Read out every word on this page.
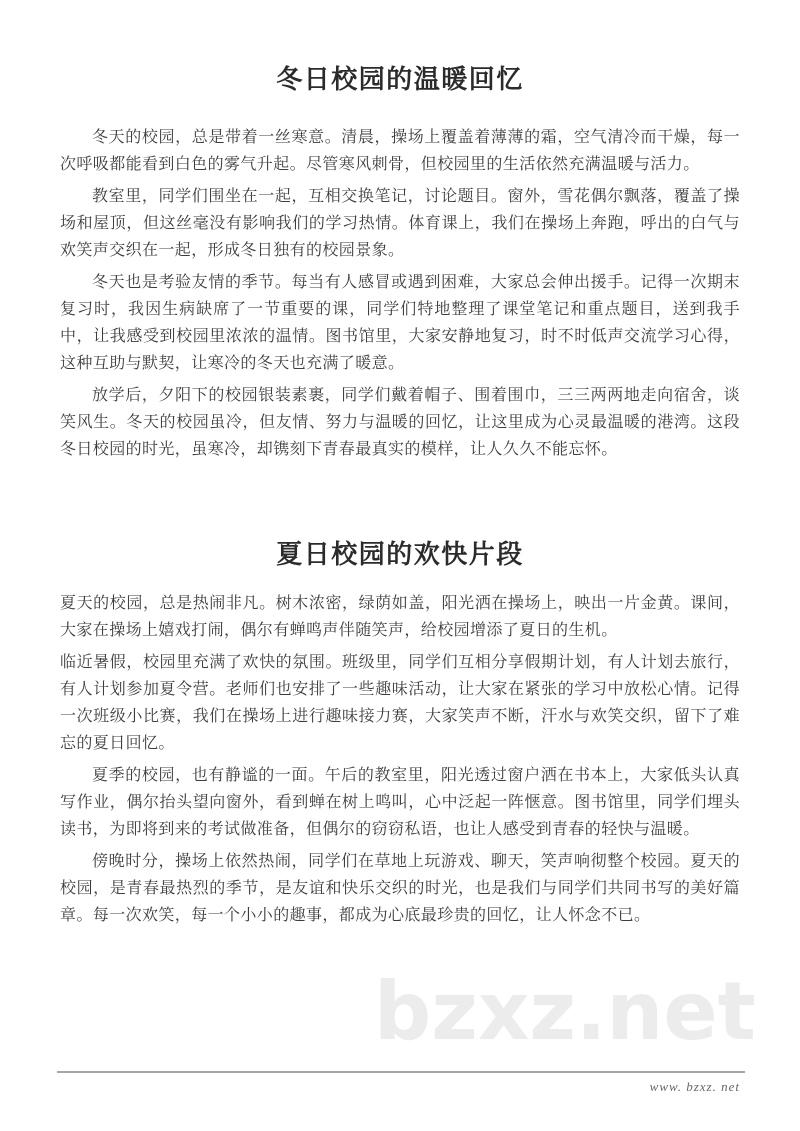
冬日校园的温暖回忆

冬天的校园，总是带着一丝寒意。清晨，操场上覆盖着薄薄的霜，空气清冷而干燥，每一次呼吸都能看到白色的雾气升起。尽管寒风刺骨，但校园里的生活依然充满温暖与活力。

教室里，同学们围坐在一起，互相交换笔记，讨论题目。窗外，雪花偶尔飘落，覆盖了操场和屋顶，但这丝毫没有影响我们的学习热情。体育课上，我们在操场上奔跑，呼出的白气与欢笑声交织在一起，形成冬日独有的校园景象。

冬天也是考验友情的季节。每当有人感冒或遇到困难，大家总会伸出援手。记得一次期末复习时，我因生病缺席了一节重要的课，同学们特地整理了课堂笔记和重点题目，送到我手中，让我感受到校园里浓浓的温情。图书馆里，大家安静地复习，时不时低声交流学习心得，这种互助与默契，让寒冷的冬天也充满了暖意。

放学后，夕阳下的校园银装素裹，同学们戴着帽子、围着围巾，三三两两地走向宿舍，谈笑风生。冬天的校园虽冷，但友情、努力与温暖的回忆，让这里成为心灵最温暖的港湾。这段冬日校园的时光，虽寒冷，却镌刻下青春最真实的模样，让人久久不能忘怀。

夏日校园的欢快片段

夏天的校园，总是热闹非凡。树木浓密，绿荫如盖，阳光洒在操场上，映出一片金黄。课间，大家在操场上嬉戏打闹，偶尔有蝉鸣声伴随笑声，给校园增添了夏日的生机。

临近暑假，校园里充满了欢快的氛围。班级里，同学们互相分享假期计划，有人计划去旅行，有人计划参加夏令营。老师们也安排了一些趣味活动，让大家在紧张的学习中放松心情。记得一次班级小比赛，我们在操场上进行趣味接力赛，大家笑声不断，汗水与欢笑交织，留下了难忘的夏日回忆。

夏季的校园，也有静谧的一面。午后的教室里，阳光透过窗户洒在书本上，大家低头认真写作业，偶尔抬头望向窗外，看到蝉在树上鸣叫，心中泛起一阵惬意。图书馆里，同学们埋头读书，为即将到来的考试做准备，但偶尔的窃窃私语，也让人感受到青春的轻快与温暖。

傍晚时分，操场上依然热闹，同学们在草地上玩游戏、聊天，笑声响彻整个校园。夏天的校园，是青春最热烈的季节，是友谊和快乐交织的时光，也是我们与同学们共同书写的美好篇章。每一次欢笑，每一个小小的趣事，都成为心底最珍贵的回忆，让人怀念不已。

bzxz.net
www. bzxz. net
